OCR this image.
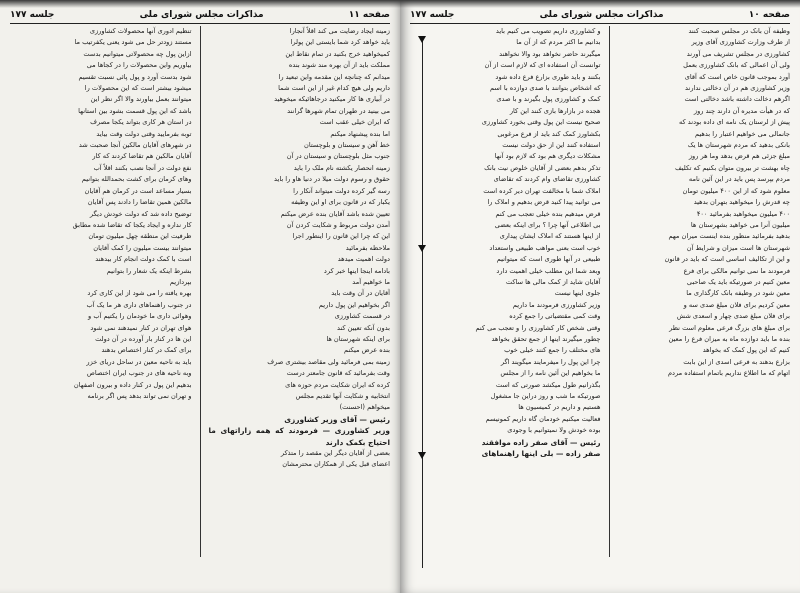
صفحه ۱۱
مذاکرات مجلس شورای ملی
جلسه ۱۷۷
زمینه ایجاد رضایت می کند اقلاً آنجارا
باید خواهد کرد شما بایستی این پولرا
کمیخواهید خرج بکنید در تمام نقاط این
مملکت باید از آن بهره مند شوند بنده
میدانم که چنانچه این مقدمه واین تبعید را
داریم ولی هیچ کدام غیر از این است شما
در آبیاری ها کار میکنید درجاهائیکه میخوهید
می بینید در طهران تمام شهرها گرانند
که ایران خیلی عقب است
اما بنده پیشنهاد میکنم
خط آهن و سیستان و بلوچستان
جنوب مثل بلوچستان و سیستان در آن
زمینه انحصار یکشته نام ملک را باید
حقوق و رسوم دولت میلا در دنیا هاو را باید
رسه گیر کرده دولت میتواند آنکار را
یکبار که در قانون برای او این وظیفه
تعیین شده باشد آقایان بنده عرض میکنم
آمدن دولت مربوط و شکایت کردن آن
این که چرا این قانون را اینطور اجرا
ملاحظه بفرمائید
دولت اهمیت میدهد
بادامه اینجا اینها خبر کرد
ما خواهیم آمد
آقایان در آن وقت باید
اگر بخواهیم این پول داریم
در قسمت کشاورزی
بدون آنکه تعیین کند
برای اینکه شهرستان ها
بنده عرض میکنم
زمینه بمی فرمائید ولی مقاصد بیشتری صرف
وقت بفرمائید که قانون جامعتر درست
کرده که ایران شکایت مردم حوزه های
انتخابیه و شکایت آنها تقدیم مجلس
میخواهم (احسنت)
رئیس — آقای وزیر کشاورزی
وزیر کشاورزی — فرمودند که همه زاراتهای ما احتیاج بکمک دارند
بعضی از آقایان دیگر این مقصد را متذکر
اعضای قبل یکی از همکاران محترمشان
تنظیم ادوری آنها محصولات کشاورزی
مستند زودتر حل می شود یعنی یکفرتیب ما
ازاین پول چه محصولاتی میتوانیم بدست
بیاوریم واین محصولات را در کجاها می
شود بدست آورد و پول پائی نسبت تقسیم
میشود بیشتر است که این محصولات را
میتوانند بعمل بیاورند والا اگر نظر این
باشد که این پول قسمت بشود بین استانها
در استان هر کاری بتواند یکجا مصرف
توبه بفرمایید وقتی دولت وقت بیاید
در شهرهای آقایان مالکین آنجا صحبت شد
آقایان مالکین هم تقاضا کردند که کار
نفع دولت در آنجا نصب بکنند اقلاً آب
وهای کرمان برای کشت بحمدالله بتوانیم
بسیار مساعد است در کرمان هم آقایان
مالکین همین تقاضا را دادند پس آقایان
توضیح داده شد که دولت خودش دیگر
کار نداره و ایجاد یکجا که تقاضا شده مطابق
ظرفیت این منطقه چهل میلیون تومان
میتوانند بیست میلیون را کمک آقایان
است با کمک دولت انجام کار بیدهند
بشرط اینکه یک شعار را بتوانیم
بپردازیم
بهره یافته را می شود از این کاری کرد
در جنوب راهنماهای داری هر ما یک آب
وهوائی داری ما خودمان را یکتیم آب و
هوای تهران در کنار نمیدهند نمی شود
این ها در کنار بار آورده در آن دولت
برای کمک در کنار اختصاص بدهند
باید به ناحیه معین در ساحل دریای خزر
وبه ناحیه های در جنوب ایران اختصاص
بدهیم این پول در کنار داده و بیرون اصفهان
و تهران نمی تواند بدهد پس اگر برنامه
صفحه ۱۰
مذاکرات مجلس شورای ملی
جلسه ۱۷۷
وظیفه آن بانک در مجلس صحبت کنند
از طرف وزارت کشاورزی آقای وزیر
کشاورزی در مجلس تشریف می آورند
ولی آن اعمالی که بانک کشاورزی بعمل
آورد بموجب قانون خاص است که آقای
وزیر کشاورزی هم در آن دخالتی ندارند
اگرهم دخالت داشته باشد دخالتی است
که در هیأت مدیره آن دارند چند روز
پیش از لرستان یک نامه ای داده بودند که
جانمالی می خواهیم اعتبار را بدهیم
بانکی بدهید که مردم شهرستان ها یک
مبلغ جزئی هم قرض بدهد وما هر روز
چاه بهشت تر بیرون متوان بکنیم که تکلیف
مردم بپرسد پس باید در این آئین نامه
معلوم شود که از این ۴۰۰ میلیون تومان
چه قدرش را میخواهید بتهران بدهید
۴۰۰ میلیون میخواهید بفرمائید ۴۰۰
میلیون آنرا می خواهید بشهرستان ها
بدهید بفرمائید منظور بنده اینست میران مهم
شهرستان ها است میزان و شرایط آن
و این از تکالیف اساسی است که باید در قانون
فرمودند ما نمی توانیم مالکی برای فرع
معین کنیم در صورتیکه باید یک صاحبی
معین شود در وظیفه بانک کارگذاری ما
معین کردیم برای فلان مبلغ صدی سه و
برای فلان مبلغ صدی چهار و اسعدی شش
برای مبلغ های بزرگ فرعی معلوم است نظر
بنده ما باید دوازده ماه به میزان فرع را معین
کنیم که این پول کمک که بخواهد
بزارع بدهند به فرعی اسدی از این بابت
اتهام که ما اطلاع نداریم باتمام استفاده مردم
و کشاورزی داریم تصویب می کنیم باید
بدانیم ما اکثر مردم که از آن ما
میگیرند حاضر نخواهد بود والا نخواهند
توانست آن استفاده ای که لازم است از آن
بکنند و باید طوری بزارع فرع داده شود
که اشخاص بتوانند با صدی دوازده با اسم
کمک و کشاورزی پول بگیرند و با صدی
هجده در بازارها بازی کنند این کار
صحیح نیست این پول وقتی بخورد کشاورزی
بکشاورز کمک کند باید از فرع مرغوبی
استفاده کنند این از حق دولت نیست
مشکلات دیگری هم بود که لازم بود آنها
تذکر بدهم بعضی از آقایان خلوص نیت بانک
کشاورزی تقاضای وام کردند که تقاضای
املاک شما با مخالفت تهران دیر کرده است
می توانید پیدا کنید قرض بدهیم و املاک را
قرض میدهیم بنده خیلی تعجب می کنم
بی اطلاعی آنها چرا ؟ برای اینکه بعضی
از اینها هستند که املاک ایشان پیداری
خوب است بعنی مواهب طبیعی واستعداد
طبیعی در آنها طوری است که میتوانیم
وبعد شما این مطلب خیلی اهمیت دارد
آقایان شاید از کمک مالی ها ساکت
جلوی اینها نیست
وزیر کشاورزی فرمودند ما داریم
وقت کمی مقتضیاتی را جمع کرده
وقتی شخص کار کشاورزی را و تعجب می کنم
چطور میگیرند اینها از جمع تحقق بخواهد
های مختلف را جمع کنند خیلی خوب
چرا این پول را میفرمایند میگویند اگر
ما بخواهیم این آئین نامه را از مجلس
بگذرانیم طول میکشد صورتی که است
صورتیکه ما شب و روز دراین جا مشغول
هستیم و داریم در کمیسیون ها
فعالیت میکنیم خودمان گاه داریم کمونیسم
بوده خودش ولا نمیتوانیم با وجودی
رئیس — آقای صفر زاده موافقند
صفر زاده — بلی اینها راهنماهای
